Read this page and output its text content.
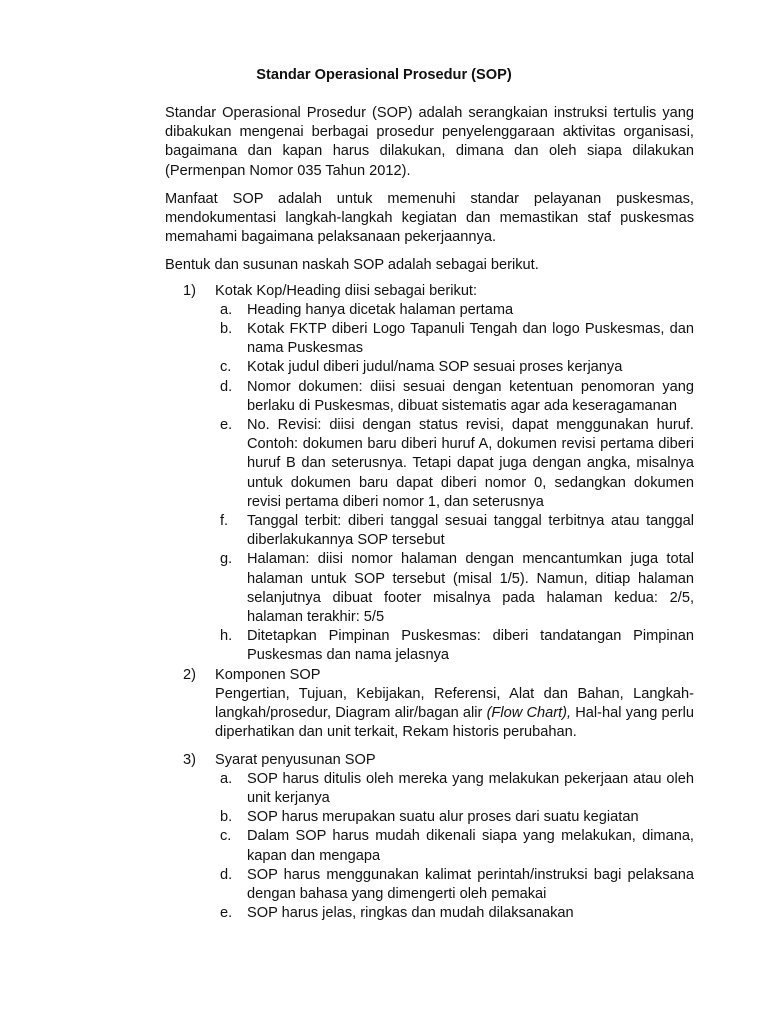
Standar Operasional Prosedur (SOP)

Standar Operasional Prosedur (SOP) adalah serangkaian instruksi tertulis yang dibakukan mengenai berbagai prosedur penyelenggaraan aktivitas organisasi, bagaimana dan kapan harus dilakukan, dimana dan oleh siapa dilakukan (Permenpan Nomor 035 Tahun 2012).

Manfaat SOP adalah untuk memenuhi standar pelayanan puskesmas, mendokumentasi langkah-langkah kegiatan dan memastikan staf puskesmas memahami bagaimana pelaksanaan pekerjaannya.

Bentuk dan susunan naskah SOP adalah sebagai berikut.

1) Kotak Kop/Heading diisi sebagai berikut:
a. Heading hanya dicetak halaman pertama
b. Kotak FKTP diberi Logo Tapanuli Tengah dan logo Puskesmas, dan nama Puskesmas
c. Kotak judul diberi judul/nama SOP sesuai proses kerjanya
d. Nomor dokumen: diisi sesuai dengan ketentuan penomoran yang berlaku di Puskesmas, dibuat sistematis agar ada keseragamanan
e. No. Revisi: diisi dengan status revisi, dapat menggunakan huruf. Contoh: dokumen baru diberi huruf A, dokumen revisi pertama diberi huruf B dan seterusnya. Tetapi dapat juga dengan angka, misalnya untuk dokumen baru dapat diberi nomor 0, sedangkan dokumen revisi pertama diberi nomor 1, dan seterusnya
f. Tanggal terbit: diberi tanggal sesuai tanggal terbitnya atau tanggal diberlakukannya SOP tersebut
g. Halaman: diisi nomor halaman dengan mencantumkan juga total halaman untuk SOP tersebut (misal 1/5). Namun, ditiap halaman selanjutnya dibuat footer misalnya pada halaman kedua: 2/5, halaman terakhir: 5/5
h. Ditetapkan Pimpinan Puskesmas: diberi tandatangan Pimpinan Puskesmas dan nama jelasnya
2) Komponen SOP
Pengertian, Tujuan, Kebijakan, Referensi, Alat dan Bahan, Langkah-langkah/prosedur, Diagram alir/bagan alir (Flow Chart), Hal-hal yang perlu diperhatikan dan unit terkait, Rekam historis perubahan.
3) Syarat penyusunan SOP
a. SOP harus ditulis oleh mereka yang melakukan pekerjaan atau oleh unit kerjanya
b. SOP harus merupakan suatu alur proses dari suatu kegiatan
c. Dalam SOP harus mudah dikenali siapa yang melakukan, dimana, kapan dan mengapa
d. SOP harus menggunakan kalimat perintah/instruksi bagi pelaksana dengan bahasa yang dimengerti oleh pemakai
e. SOP harus jelas, ringkas dan mudah dilaksanakan
